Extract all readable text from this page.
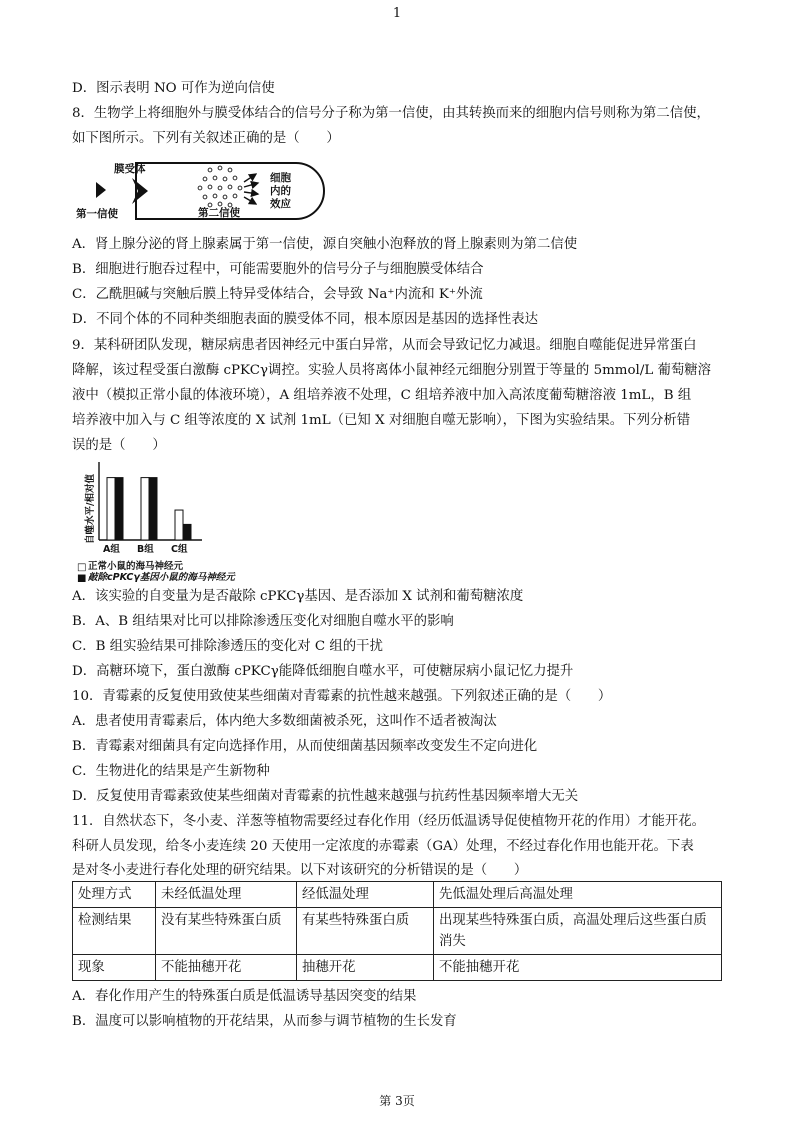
1
D．图示表明 NO 可作为逆向信使
8．生物学上将细胞外与膜受体结合的信号分子称为第一信使，由其转换而来的细胞内信号则称为第二信使，
如下图所示。下列有关叙述正确的是（　　）
A．肾上腺分泌的肾上腺素属于第一信使，源自突触小泡释放的肾上腺素则为第二信使
B．细胞进行胞吞过程中，可能需要胞外的信号分子与细胞膜受体结合
C．乙酰胆碱与突触后膜上特异受体结合，会导致 Na⁺内流和 K⁺外流
D．不同个体的不同种类细胞表面的膜受体不同，根本原因是基因的选择性表达
9．某科研团队发现，糖尿病患者因神经元中蛋白异常，从而会导致记忆力减退。细胞自噬能促进异常蛋白
降解，该过程受蛋白激酶 cPKCγ调控。实验人员将离体小鼠神经元细胞分别置于等量的 5mmol/L 葡萄糖溶
液中（模拟正常小鼠的体液环境），A 组培养液不处理，C 组培养液中加入高浓度葡萄糖溶液 1mL，B 组
培养液中加入与 C 组等浓度的 X 试剂 1mL（已知 X 对细胞自噬无影响），下图为实验结果。下列分析错
误的是（　　）
A．该实验的自变量为是否敲除 cPKCγ基因、是否添加 X 试剂和葡萄糖浓度
B．A、B 组结果对比可以排除渗透压变化对细胞自噬水平的影响
C．B 组实验结果可排除渗透压的变化对 C 组的干扰
D．高糖环境下，蛋白激酶 cPKCγ能降低细胞自噬水平，可使糖尿病小鼠记忆力提升
10．青霉素的反复使用致使某些细菌对青霉素的抗性越来越强。下列叙述正确的是（　　）
A．患者使用青霉素后，体内绝大多数细菌被杀死，这叫作不适者被淘汰
B．青霉素对细菌具有定向选择作用，从而使细菌基因频率改变发生不定向进化
C．生物进化的结果是产生新物种
D．反复使用青霉素致使某些细菌对青霉素的抗性越来越强与抗药性基因频率增大无关
11．自然状态下，冬小麦、洋葱等植物需要经过春化作用（经历低温诱导促使植物开花的作用）才能开花。
科研人员发现，给冬小麦连续 20 天使用一定浓度的赤霉素（GA）处理，不经过春化作用也能开花。下表
是对冬小麦进行春化处理的研究结果。以下对该研究的分析错误的是（　　）
A．春化作用产生的特殊蛋白质是低温诱导基因突变的结果
B．温度可以影响植物的开花结果，从而参与调节植物的生长发育
膜受体
第一信使	第二信使
细胞
内的
效应
自噬水平/相对值
A组 B组 C组
□ 正常小鼠的海马神经元
■ 敲除cPKCγ基因小鼠的海马神经元
处理方式	未经低温处理	经低温处理	先低温处理后高温处理
检测结果	没有某些特殊蛋白质	有某些特殊蛋白质	出现某些特殊蛋白质，高温处理后这些蛋白质消失
现象	不能抽穗开花	抽穗开花	不能抽穗开花
第 3页
